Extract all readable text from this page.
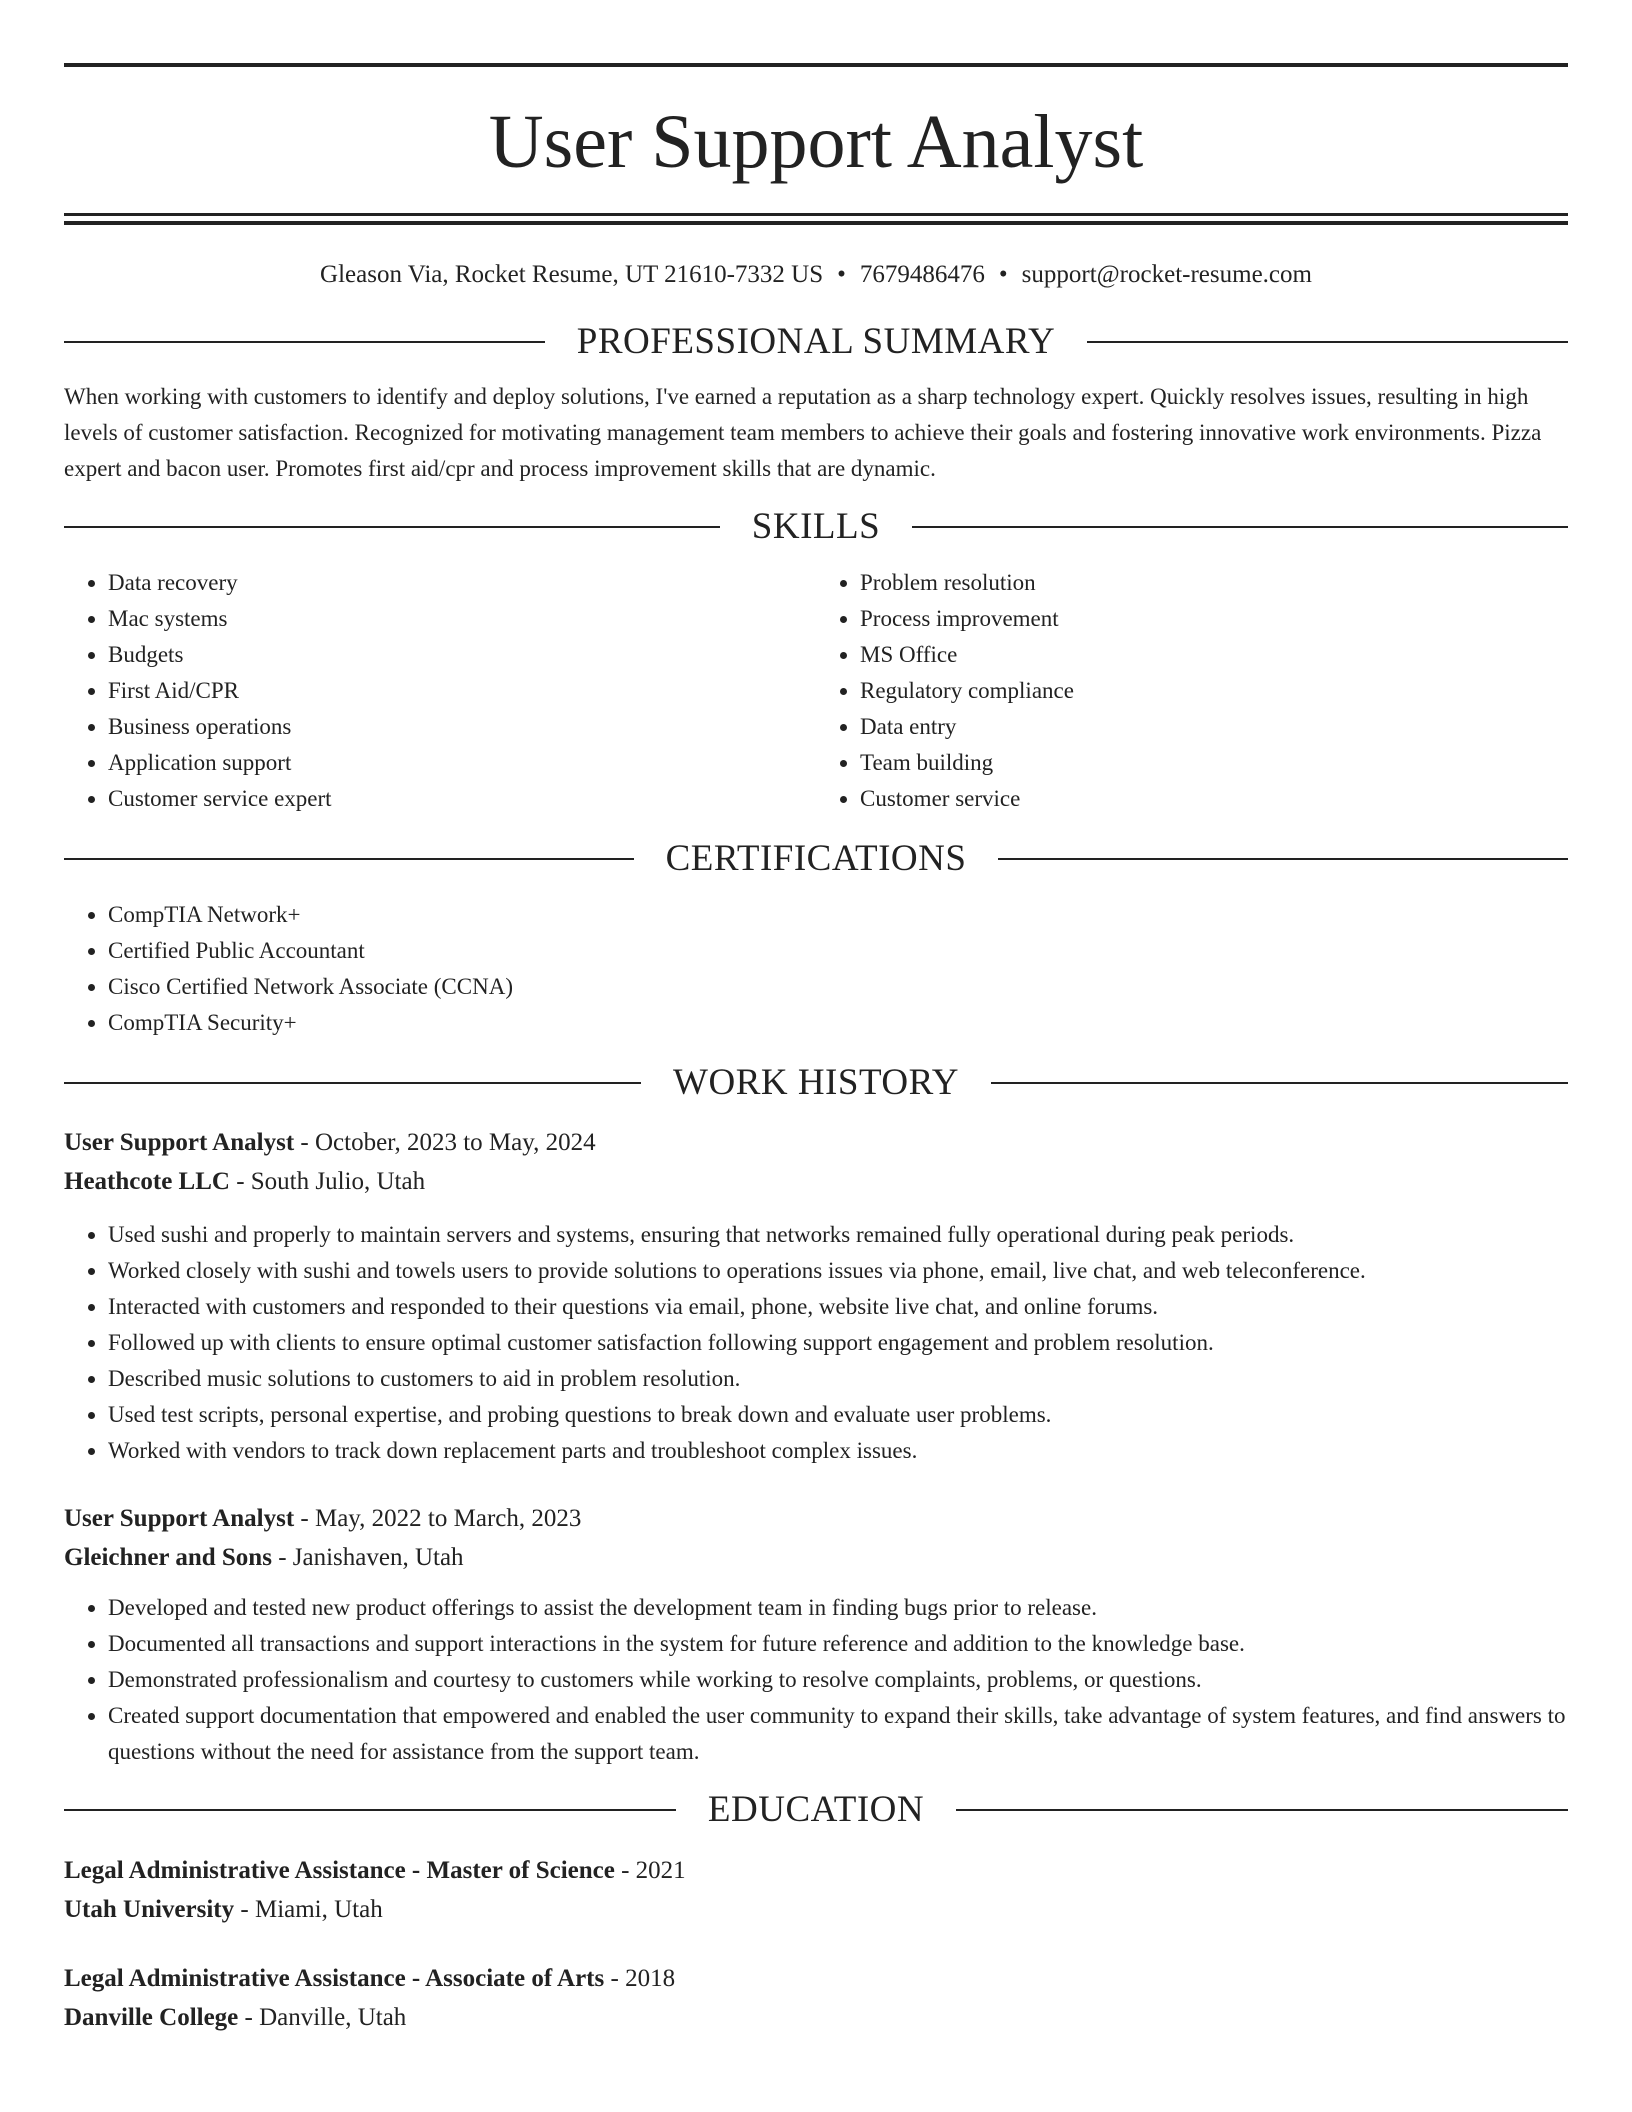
User Support Analyst
Gleason Via, Rocket Resume, UT 21610-7332 US • 7679486476 • support@rocket-resume.com
PROFESSIONAL SUMMARY

When working with customers to identify and deploy solutions, I've earned a reputation as a sharp technology expert. Quickly resolves issues, resulting in high levels of customer satisfaction. Recognized for motivating management team members to achieve their goals and fostering innovative work environments. Pizza expert and bacon user. Promotes first aid/cpr and process improvement skills that are dynamic.

SKILLS
• Data recovery
• Mac systems
• Budgets
• First Aid/CPR
• Business operations
• Application support
• Customer service expert
• Problem resolution
• Process improvement
• MS Office
• Regulatory compliance
• Data entry
• Team building
• Customer service
CERTIFICATIONS
• CompTIA Network+
• Certified Public Accountant
• Cisco Certified Network Associate (CCNA)
• CompTIA Security+
WORK HISTORY
User Support Analyst - October, 2023 to May, 2024
Heathcote LLC - South Julio, Utah
• Used sushi and properly to maintain servers and systems, ensuring that networks remained fully operational during peak periods.
• Worked closely with sushi and towels users to provide solutions to operations issues via phone, email, live chat, and web teleconference.
• Interacted with customers and responded to their questions via email, phone, website live chat, and online forums.
• Followed up with clients to ensure optimal customer satisfaction following support engagement and problem resolution.
• Described music solutions to customers to aid in problem resolution.
• Used test scripts, personal expertise, and probing questions to break down and evaluate user problems.
• Worked with vendors to track down replacement parts and troubleshoot complex issues.
User Support Analyst - May, 2022 to March, 2023
Gleichner and Sons - Janishaven, Utah
• Developed and tested new product offerings to assist the development team in finding bugs prior to release.
• Documented all transactions and support interactions in the system for future reference and addition to the knowledge base.
• Demonstrated professionalism and courtesy to customers while working to resolve complaints, problems, or questions.
• Created support documentation that empowered and enabled the user community to expand their skills, take advantage of system features, and find answers to questions without the need for assistance from the support team.
EDUCATION
Legal Administrative Assistance - Master of Science - 2021
Utah University - Miami, Utah
Legal Administrative Assistance - Associate of Arts - 2018
Danville College - Danville, Utah
